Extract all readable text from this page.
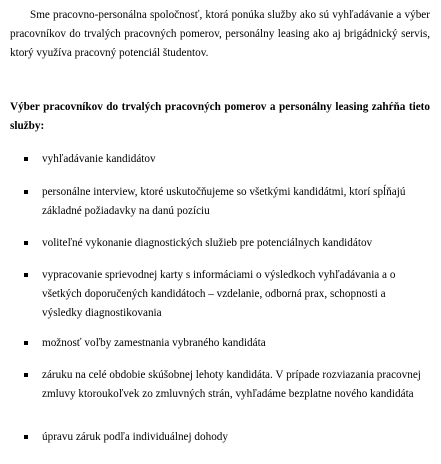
Sme pracovno-personálna spoločnosť, ktorá ponúka služby ako sú vyhľadávanie a výber pracovníkov do trvalých pracovných pomerov, personálny leasing ako aj brigádnický servis, ktorý využíva pracovný potenciál študentov.

Výber pracovníkov do trvalých pracovných pomerov a personálny leasing zahŕňa tieto služby:

vyhľadávanie kandidátov
personálne interview, ktoré uskutočňujeme so všetkými kandidátmi, ktorí spĺňajú základné požiadavky na danú pozíciu
voliteľné vykonanie diagnostických služieb pre potenciálnych kandidátov
vypracovanie sprievodnej karty s informáciami o výsledkoch vyhľadávania a o všetkých doporučených kandidátoch – vzdelanie, odborná prax, schopnosti a výsledky diagnostikovania
možnosť voľby zamestnania vybraného kandidáta
záruku na celé obdobie skúšobnej lehoty kandidáta. V prípade rozviazania pracovnej zmluvy ktoroukoľvek zo zmluvných strán, vyhľadáme bezplatne nového kandidáta
úpravu záruk podľa individuálnej dohody
